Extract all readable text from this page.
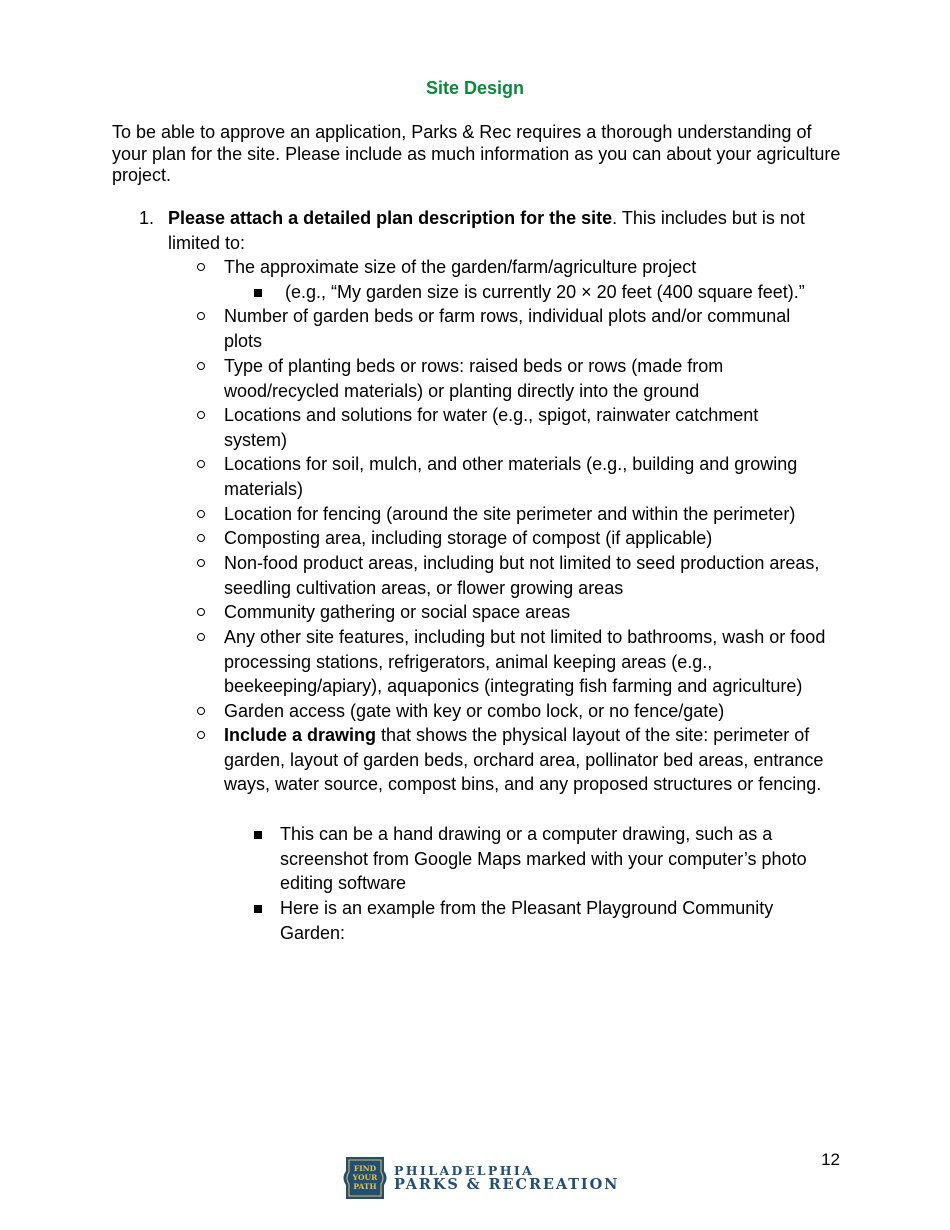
Site Design

To be able to approve an application, Parks & Rec requires a thorough understanding of your plan for the site. Please include as much information as you can about your agriculture project.

1. Please attach a detailed plan description for the site. This includes but is not limited to:
The approximate size of the garden/farm/agriculture project
(e.g., “My garden size is currently 20 × 20 feet (400 square feet).”
Number of garden beds or farm rows, individual plots and/or communal plots
Type of planting beds or rows: raised beds or rows (made from wood/recycled materials) or planting directly into the ground
Locations and solutions for water (e.g., spigot, rainwater catchment system)
Locations for soil, mulch, and other materials (e.g., building and growing materials)
Location for fencing (around the site perimeter and within the perimeter)
Composting area, including storage of compost (if applicable)
Non-food product areas, including but not limited to seed production areas, seedling cultivation areas, or flower growing areas
Community gathering or social space areas
Any other site features, including but not limited to bathrooms, wash or food processing stations, refrigerators, animal keeping areas (e.g., beekeeping/apiary), aquaponics (integrating fish farming and agriculture)
Garden access (gate with key or combo lock, or no fence/gate)
Include a drawing that shows the physical layout of the site: perimeter of garden, layout of garden beds, orchard area, pollinator bed areas, entrance ways, water source, compost bins, and any proposed structures or fencing.
This can be a hand drawing or a computer drawing, such as a screenshot from Google Maps marked with your computer’s photo editing software
Here is an example from the Pleasant Playground Community Garden:
12
FIND
YOUR
PATH
PHILADELPHIA
PARKS & RECREATION
